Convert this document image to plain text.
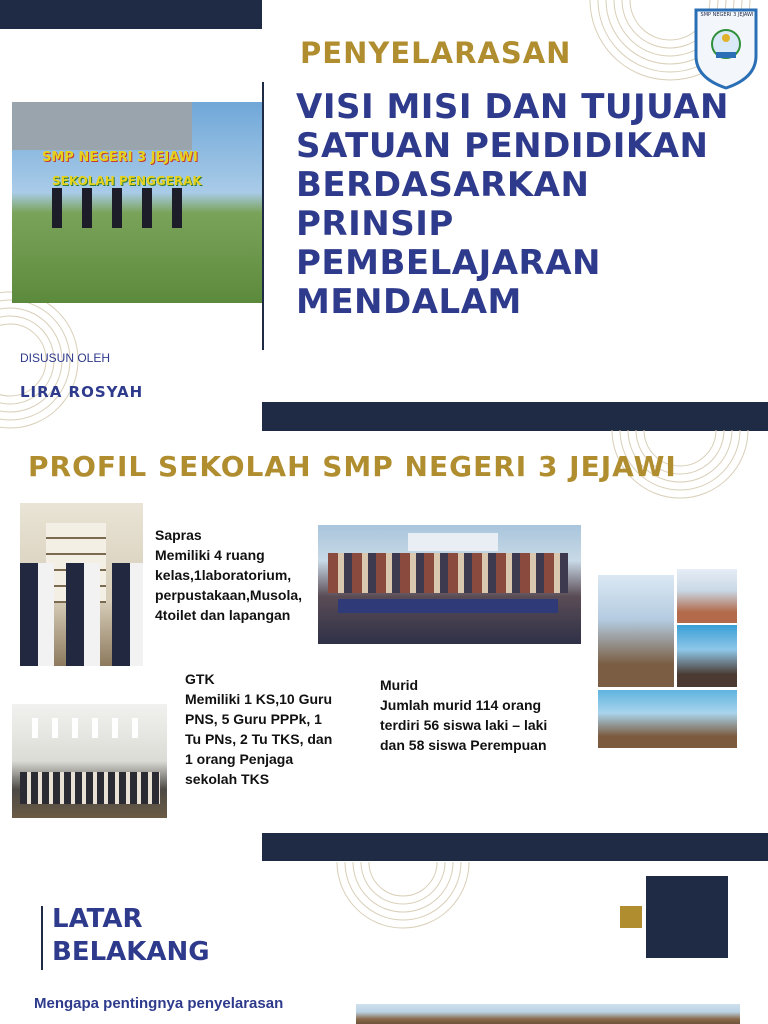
SMP NEGERI 3 JEJAWI
SEKOLAH PENGGERAK
PENYELARASAN
VISI MISI DAN TUJUAN
SATUAN PENDIDIKAN
BERDASARKAN
PRINSIP
PEMBELAJARAN
MENDALAM
SMP NEGERI 3 JEJAWI
DISUSUN OLEH
LIRA ROSYAH
PROFIL SEKOLAH SMP NEGERI 3 JEJAWI
Sapras
Memiliki 4 ruang
kelas,1laboratorium,
perpustakaan,Musola,
4toilet dan lapangan
GTK
Memiliki 1 KS,10 Guru
PNS, 5 Guru PPPk, 1
Tu PNs, 2 Tu TKS, dan
1 orang Penjaga
sekolah TKS
Murid
Jumlah murid 114 orang
terdiri 56 siswa laki – laki
dan 58 siswa Perempuan
LATAR
BELAKANG
Mengapa pentingnya penyelarasan
